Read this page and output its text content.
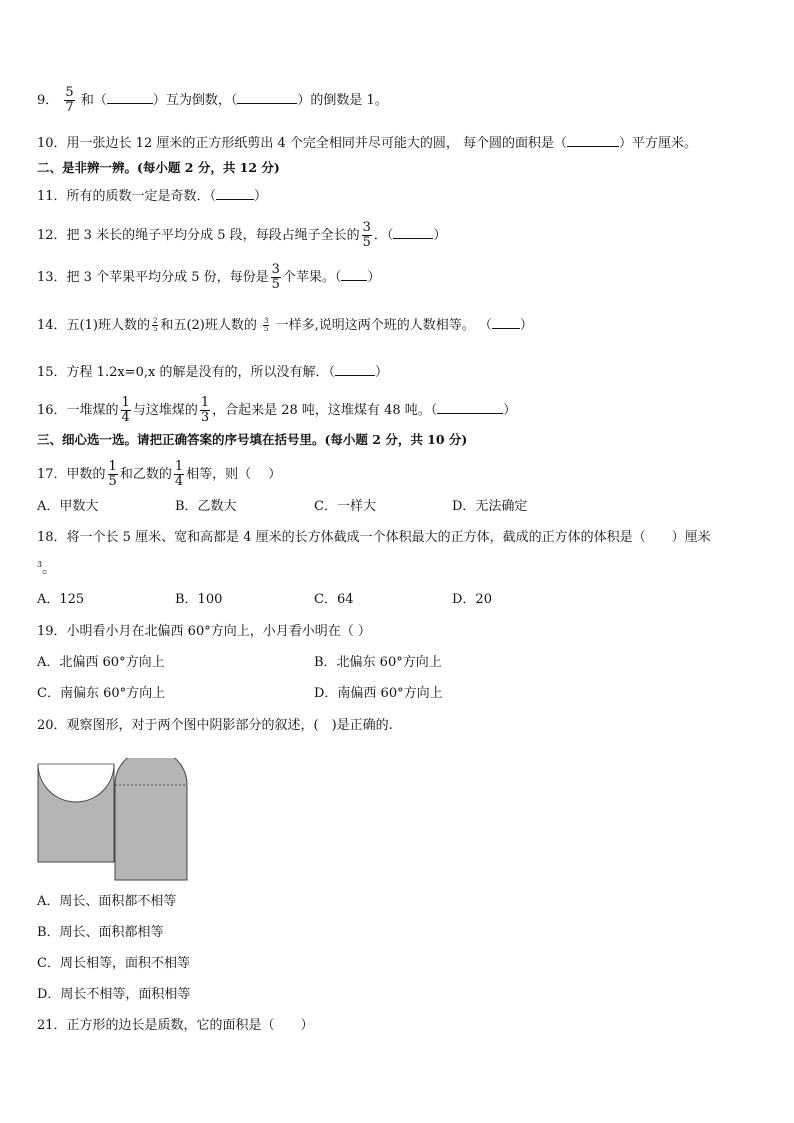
9． $\frac{5}{7}$ 和（	）互为倒数，（	）的倒数是 1。
10．用一张边长 12 厘米的正方形纸剪出 4 个完全相同并尽可能大的圆， 每个圆的面积是（	）平方厘米。
二、是非辨一辨。(每小题 2 分，共 12 分)
11．所有的质数一定是奇数．（	）
12．把 3 米长的绳子平均分成 5 段，每段占绳子全长的 $\frac{3}{5}$ ．（	）
13．把 3 个苹果平均分成 5 份，每份是 $\frac{3}{5}$ 个苹果。（ ）
14．五(1)班人数的 $\frac{2}{5}$ 和五(2)班人数的 $\frac{3}{5}$ 一样多,说明这两个班的人数相等。 （ ）
15．方程 1.2x=0,x 的解是没有的，所以没有解．（	）
16．一堆煤的 $\frac{1}{4}$ 与这堆煤的 $\frac{1}{3}$ ，合起来是 28 吨，这堆煤有 48 吨。（	）
三、细心选一选。请把正确答案的序号填在括号里。(每小题 2 分，共 10 分)
17．甲数的 $\frac{1}{5}$ 和乙数的 $\frac{1}{4}$ 相等，则（　 ）
A．甲数大	B．乙数大	C．一样大	D．无法确定
18．将一个长 5 厘米、宽和高都是 4 厘米的长方体截成一个体积最大的正方体，截成的正方体的体积是（　　）厘米
$^3$。
A．125	B．100	C．64	D．20
19．小明看小月在北偏西 60°方向上，小月看小明在（ ）
A．北偏西 60°方向上	B．北偏东 60°方向上
C．南偏东 60°方向上	D．南偏西 60°方向上
20．观察图形，对于两个图中阴影部分的叙述，(　)是正确的.
A．周长、面积都不相等
B．周长、面积都相等
C．周长相等，面积不相等
D．周长不相等，面积相等
21．正方形的边长是质数，它的面积是（　　）
